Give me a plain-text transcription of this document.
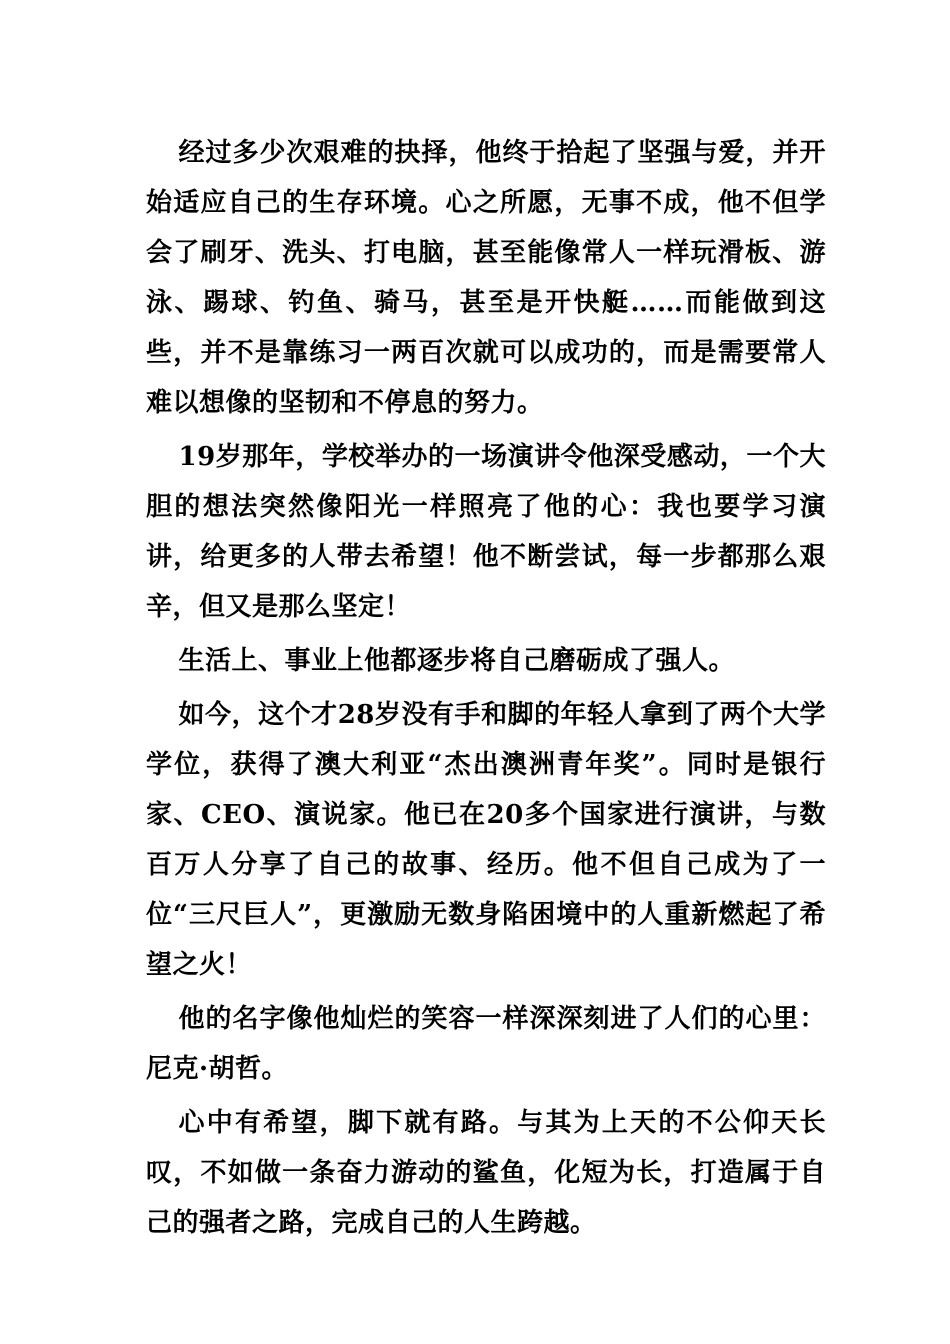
经过多少次艰难的抉择，他终于拾起了坚强与爱，并开始适应自己的生存环境。心之所愿，无事不成，他不但学会了刷牙、洗头、打电脑，甚至能像常人一样玩滑板、游泳、踢球、钓鱼、骑马，甚至是开快艇……而能做到这些，并不是靠练习一两百次就可以成功的，而是需要常人难以想像的坚韧和不停息的努力。

19岁那年，学校举办的一场演讲令他深受感动，一个大胆的想法突然像阳光一样照亮了他的心：我也要学习演讲，给更多的人带去希望！他不断尝试，每一步都那么艰辛，但又是那么坚定！

生活上、事业上他都逐步将自己磨砺成了强人。

如今，这个才28岁没有手和脚的年轻人拿到了两个大学学位，获得了澳大利亚“杰出澳洲青年奖”。同时是银行家、CEO、演说家。他已在20多个国家进行演讲，与数百万人分享了自己的故事、经历。他不但自己成为了一位“三尺巨人”，更激励无数身陷困境中的人重新燃起了希望之火！

他的名字像他灿烂的笑容一样深深刻进了人们的心里：尼克·胡哲。

心中有希望，脚下就有路。与其为上天的不公仰天长叹，不如做一条奋力游动的鲨鱼，化短为长，打造属于自己的强者之路，完成自己的人生跨越。
